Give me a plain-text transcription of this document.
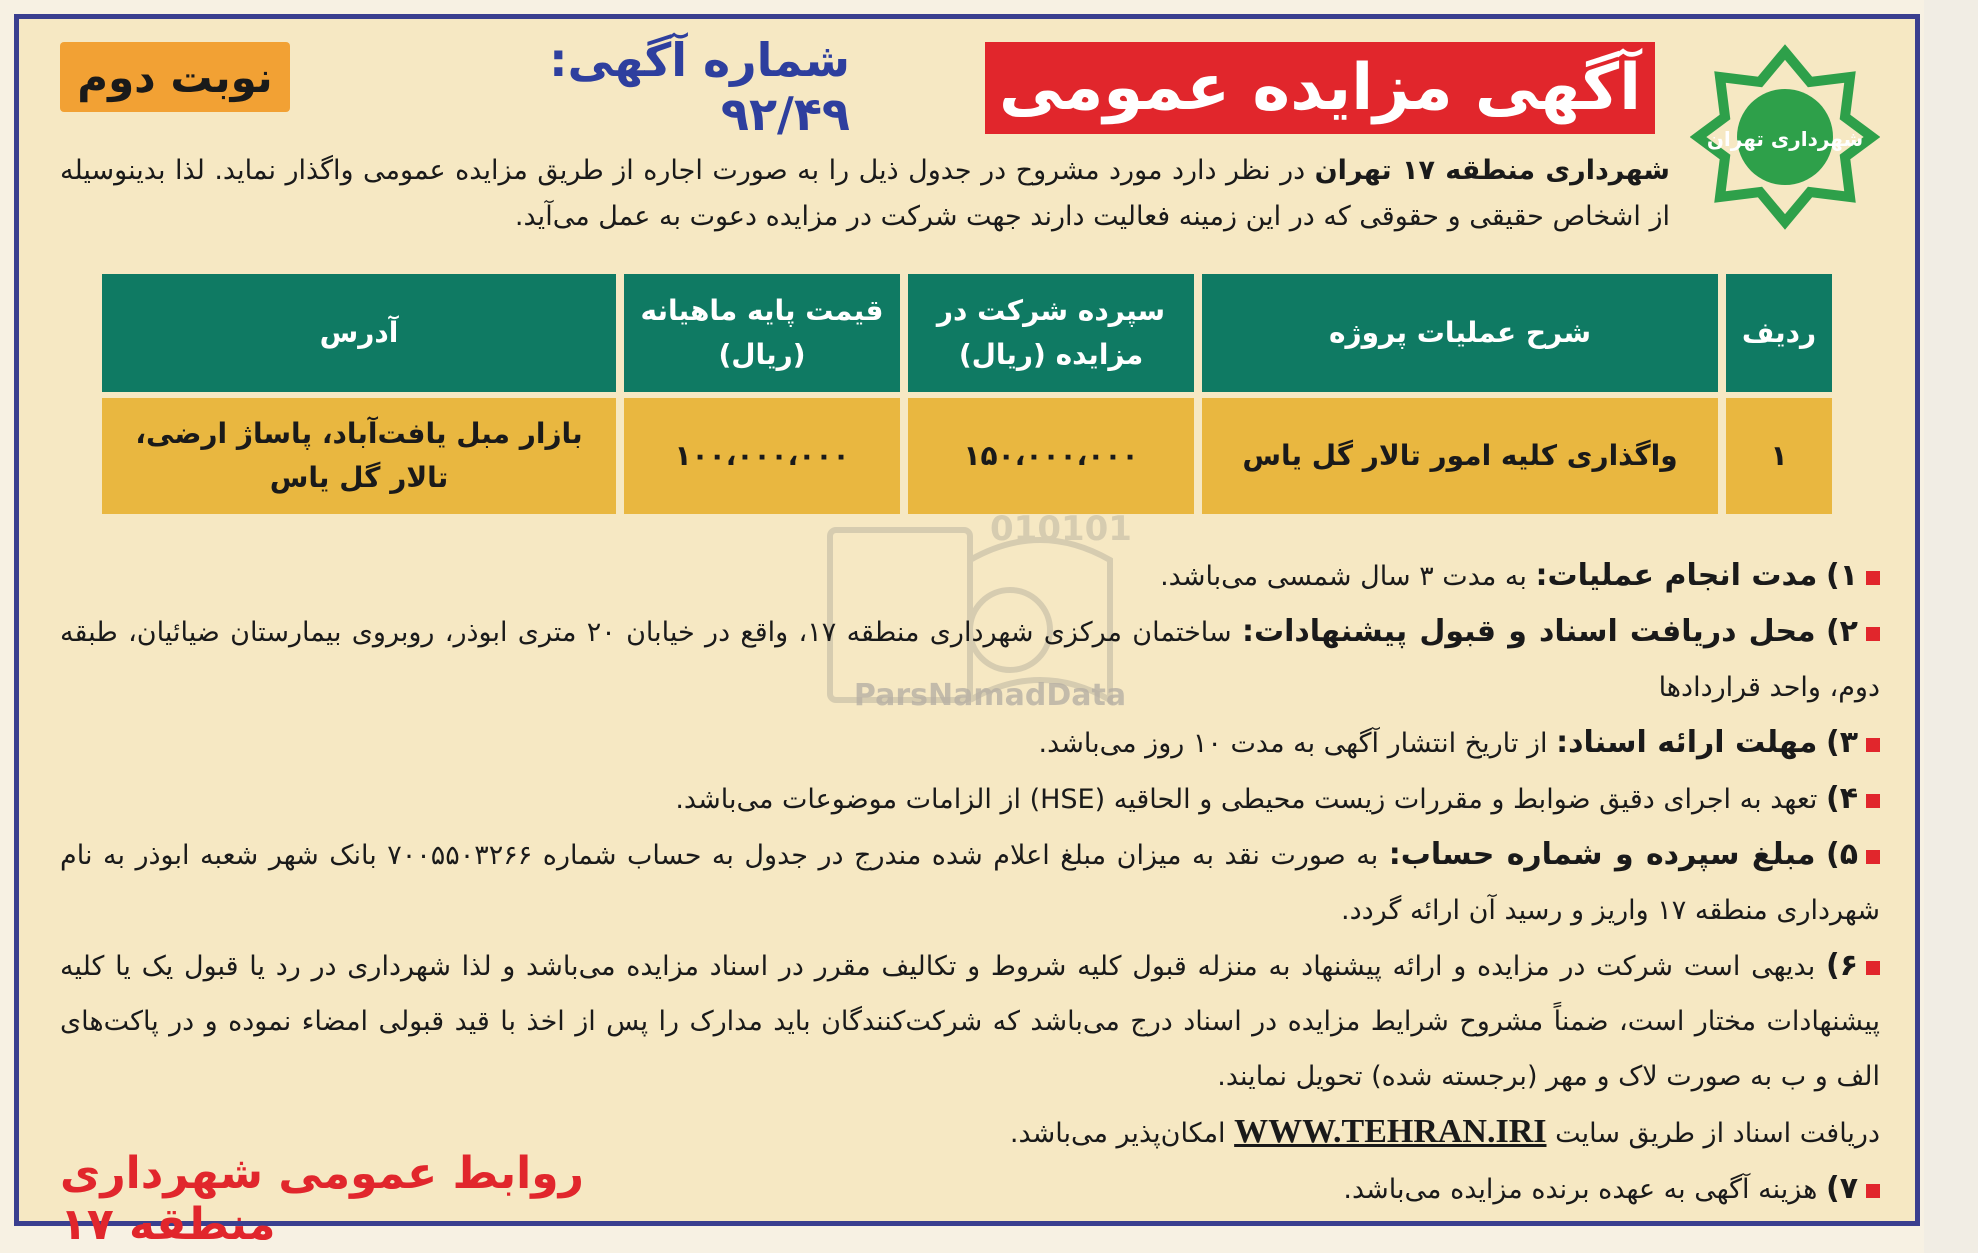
شهرداری تهران
آگهی مزایده عمومی
شماره آگهی: ۹۲/۴۹
نوبت دوم
شهرداری منطقه ۱۷ تهران در نظر دارد مورد مشروح در جدول ذیل را به صورت اجاره از طریق مزایده عمومی واگذار نماید. لذا بدینوسیله از اشخاص حقیقی و حقوقی که در این زمینه فعالیت دارند جهت شرکت در مزایده دعوت به عمل می‌آید.
ردیف	شرح عملیات پروژه	سپرده شرکت در مزایده (ریال)	قیمت پایه ماهیانه (ریال)	آدرس
۱	واگذاری کلیه امور تالار گل یاس	۱۵۰،۰۰۰،۰۰۰	۱۰۰،۰۰۰،۰۰۰	بازار مبل یافت‌آباد، پاساژ ارضی، تالار گل یاس
010101
ParsNamadData

۱) مدت انجام عملیات: به مدت ۳ سال شمسی می‌باشد.

۲) محل دریافت اسناد و قبول پیشنهادات: ساختمان مرکزی شهرداری منطقه ۱۷، واقع در خیابان ۲۰ متری ابوذر، روبروی بیمارستان ضیائیان، طبقه دوم، واحد قراردادها

۳) مهلت ارائه اسناد: از تاریخ انتشار آگهی به مدت ۱۰ روز می‌باشد.

۴) تعهد به اجرای دقیق ضوابط و مقررات زیست محیطی و الحاقیه (HSE) از الزامات موضوعات می‌باشد.

۵) مبلغ سپرده و شماره حساب: به صورت نقد به میزان مبلغ اعلام شده مندرج در جدول به حساب شماره ۷۰۰۵۵۰۳۲۶۶ بانک شهر شعبه ابوذر به نام شهرداری منطقه ۱۷ واریز و رسید آن ارائه گردد.

۶) بدیهی است شرکت در مزایده و ارائه پیشنهاد به منزله قبول کلیه شروط و تکالیف مقرر در اسناد مزایده می‌باشد و لذا شهرداری در رد یا قبول یک یا کلیه پیشنهادات مختار است، ضمناً مشروح شرایط مزایده در اسناد درج می‌باشد که شرکت‌کنندگان باید مدارک را پس از اخذ با قید قبولی امضاء نموده و در پاکت‌های الف و ب به صورت لاک و مهر (برجسته شده) تحویل نمایند.

دریافت اسناد از طریق سایت WWW.TEHRAN.IRI امکان‌پذیر می‌باشد.

۷) هزینه آگهی به عهده برنده مزایده می‌باشد.

روابط عمومی شهرداری منطقه ۱۷
